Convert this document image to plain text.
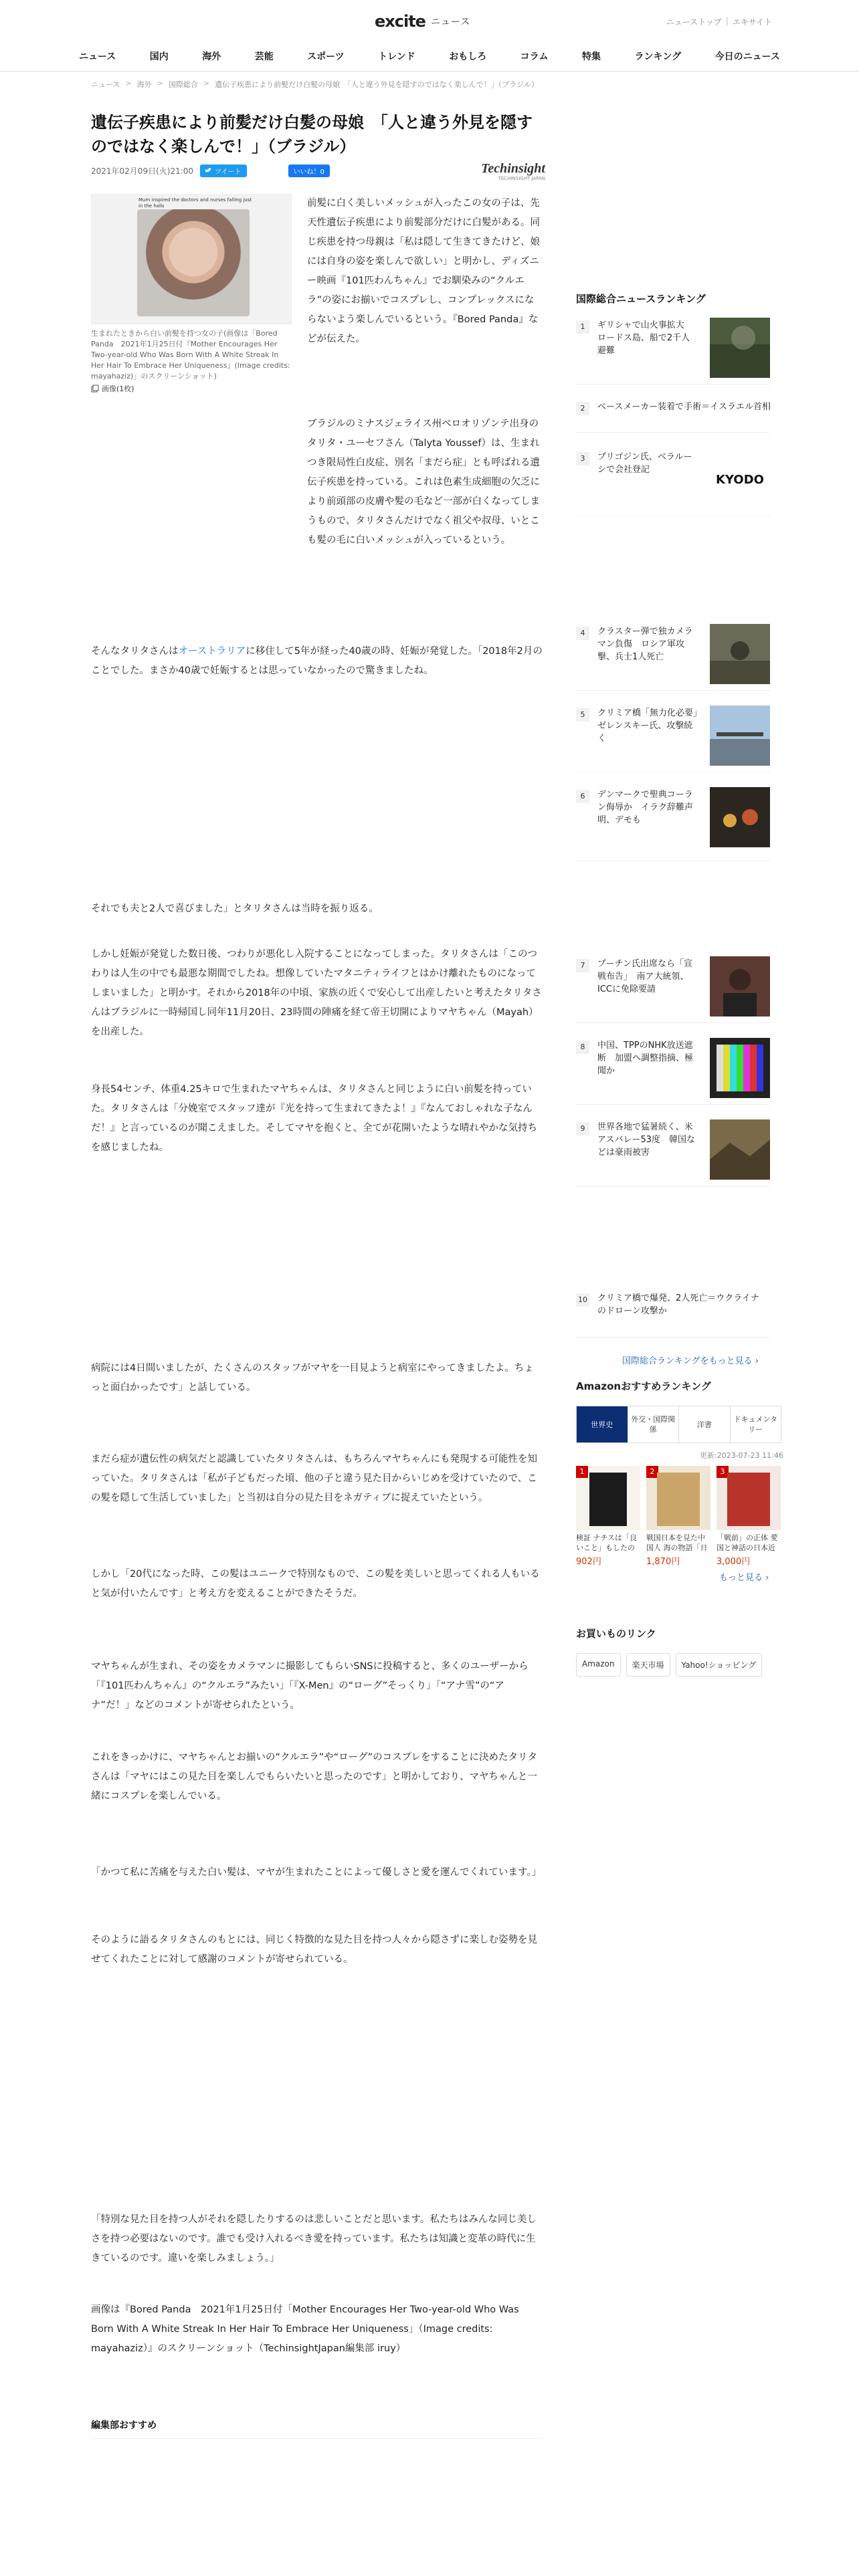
excite ニュース	ニューストップ | エキサイト
ニュース	国内	海外	芸能	スポーツ	トレンド	おもしろ	コラム	特集	ランキング	今日のニュース
ニュース > 海外 > 国際総合 > 遺伝子疾患により前髪だけ白髪の母娘　「人と違う外見を隠すのではなく楽しんで！」（ブラジル）
遺伝子疾患により前髪だけ白髪の母娘　「人と違う外見を隠すのではなく楽しんで！」（ブラジル）
2021年02月09日(火)21:00	ツイート	いいね！0	Techinsight
TECHINSIGHT JAPAN
Mum inspired the doctors and nurses falling just in the halls

生まれたときから白い前髪を持つ女の子(画像は「Bored Panda　2021年1月25日付『Mother Encourages Her Two-year-old Who Was Born With A White Streak In Her Hair To Embrace Her Uniqueness』(Image credits: mayahaziz)」のスクリーンショット)

画像(1枚)

前髪に白く美しいメッシュが入ったこの女の子は、先天性遺伝子疾患により前髪部分だけに白髪がある。同じ疾患を持つ母親は「私は隠して生きてきたけど、娘には自身の姿を楽しんで欲しい」と明かし、ディズニー映画『101匹わんちゃん』でお馴染みの“クルエラ”の姿にお揃いでコスプレし、コンプレックスにならないよう楽しんでいるという。『Bored Panda』などが伝えた。

ブラジルのミナスジェライス州ベロオリゾンテ出身のタリタ・ユーセフさん（Talyta Youssef）は、生まれつき限局性白皮症、別名「まだら症」とも呼ばれる遺伝子疾患を持っている。これは色素生成細胞の欠乏により前頭部の皮膚や髪の毛など一部が白くなってしまうもので、タリタさんだけでなく祖父や叔母、いとこも髪の毛に白いメッシュが入っているという。

そんなタリタさんはオーストラリアに移住して5年が経った40歳の時、妊娠が発覚した。「2018年2月のことでした。まさか40歳で妊娠するとは思っていなかったので驚きましたね。

それでも夫と2人で喜びました」とタリタさんは当時を振り返る。

しかし妊娠が発覚した数日後、つわりが悪化し入院することになってしまった。タリタさんは「このつわりは人生の中でも最悪な期間でしたね。想像していたマタニティライフとはかけ離れたものになってしまいました」と明かす。それから2018年の中頃、家族の近くで安心して出産したいと考えたタリタさんはブラジルに一時帰国し同年11月20日、23時間の陣痛を経て帝王切開によりマヤちゃん（Mayah）を出産した。

身長54センチ、体重4.25キロで生まれたマヤちゃんは、タリタさんと同じように白い前髪を持っていた。タリタさんは「分娩室でスタッフ達が『光を持って生まれてきたよ！』『なんておしゃれな子なんだ！』と言っているのが聞こえました。そしてマヤを抱くと、全てが花開いたような晴れやかな気持ちを感じましたね。

病院には4日間いましたが、たくさんのスタッフがマヤを一目見ようと病室にやってきましたよ。ちょっと面白かったです」と話している。

まだら症が遺伝性の病気だと認識していたタリタさんは、もちろんマヤちゃんにも発現する可能性を知っていた。タリタさんは「私が子どもだった頃、他の子と違う見た目からいじめを受けていたので、この髪を隠して生活していました」と当初は自分の見た目をネガティブに捉えていたという。

しかし「20代になった時、この髪はユニークで特別なもので、この髪を美しいと思ってくれる人もいると気が付いたんです」と考え方を変えることができたそうだ。

マヤちゃんが生まれ、その姿をカメラマンに撮影してもらいSNSに投稿すると、多くのユーザーから「『101匹わんちゃん』の“クルエラ”みたい」「『X-Men』の“ローグ”そっくり」「“アナ雪”の“アナ”だ！」などのコメントが寄せられたという。

これをきっかけに、マヤちゃんとお揃いの“クルエラ”や“ローグ”のコスプレをすることに決めたタリタさんは「マヤにはこの見た目を楽しんでもらいたいと思ったのです」と明かしており、マヤちゃんと一緒にコスプレを楽しんでいる。

「かつて私に苦痛を与えた白い髪は、マヤが生まれたことによって優しさと愛を運んでくれています。」

そのように語るタリタさんのもとには、同じく特徴的な見た目を持つ人々から隠さずに楽しむ姿勢を見せてくれたことに対して感謝のコメントが寄せられている。

「特別な見た目を持つ人がそれを隠したりするのは悲しいことだと思います。私たちはみんな同じ美しさを持つ必要はないのです。誰でも受け入れるべき愛を持っています。私たちは知識と変革の時代に生きているのです。違いを楽しみましょう。」

画像は『Bored Panda　2021年1月25日付「Mother Encourages Her Two-year-old Who Was Born With A White Streak In Her Hair To Embrace Her Uniqueness」（Image credits: mayahaziz）』のスクリーンショット（TechinsightJapan編集部 iruy）

編集部おすすめ
国際総合ニュースランキング
1	ギリシャで山火事拡大　ロードス島、船で2千人避難
2	ベースメーカー装着で手術＝イスラエル首相
3	プリゴジン氏、ベラルーシで会社登記
KYODO
4	クラスター弾で独カメラマン負傷　ロシア軍攻撃、兵士1人死亡
5	クリミア橋「無力化必要」　ゼレンスキー氏、攻撃続く
6	デンマークで聖典コーラン侮辱か　イラク辞難声明、デモも
7	プーチン氏出席なら「宣戦布告」　南ア大統領、ICCに免除要請
8	中国、TPPのNHK放送遮断　加盟へ調整指摘、極聞か
9	世界各地で猛暑続く、米アスバレー53度　韓国などは豪雨被害
10 クリミア橋で爆発、2人死亡＝ウクライナのドローン攻撃か
国際総合ランキングをもっと見る ›
Amazonおすすめランキング
世界史
外交・国際関係
洋書
ドキュメンタリー
更新:2023-07-23 11:46
1
検証 ナチスは「良いこと」もしたの
902円
2
戦国日本を見た中国人 海の物語「日
1,870円
3
「戦前」の正体 愛国と神話の日本近
3,000円
もっと見る ›
お買いものリンク
Amazon	楽天市場	Yahoo!ショッピング
